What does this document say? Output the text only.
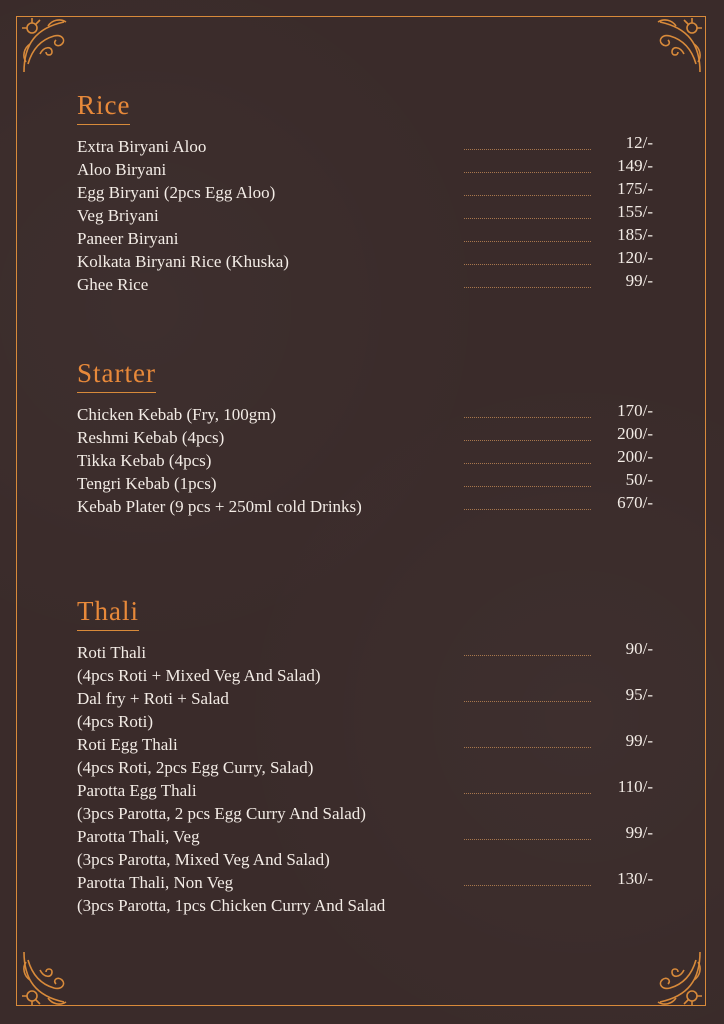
Rice
Extra Biryani Aloo	12/-
Aloo Biryani	149/-
Egg Biryani (2pcs Egg Aloo)	175/-
Veg Briyani	155/-
Paneer Biryani	185/-
Kolkata Biryani Rice (Khuska)	120/-
Ghee Rice	99/-
Starter
Chicken Kebab (Fry, 100gm)	170/-
Reshmi Kebab (4pcs)	200/-
Tikka Kebab (4pcs)	200/-
Tengri Kebab (1pcs)	50/-
Kebab Plater (9 pcs + 250ml cold Drinks)	670/-
Thali
Roti Thali	90/-
(4pcs Roti + Mixed Veg And Salad)
Dal fry + Roti + Salad	95/-
(4pcs Roti)
Roti Egg Thali	99/-
(4pcs Roti, 2pcs Egg Curry, Salad)
Parotta Egg Thali	110/-
(3pcs Parotta, 2 pcs Egg Curry And Salad)
Parotta Thali, Veg	99/-
(3pcs Parotta, Mixed Veg And Salad)
Parotta Thali, Non Veg	130/-
(3pcs Parotta, 1pcs Chicken Curry And Salad
